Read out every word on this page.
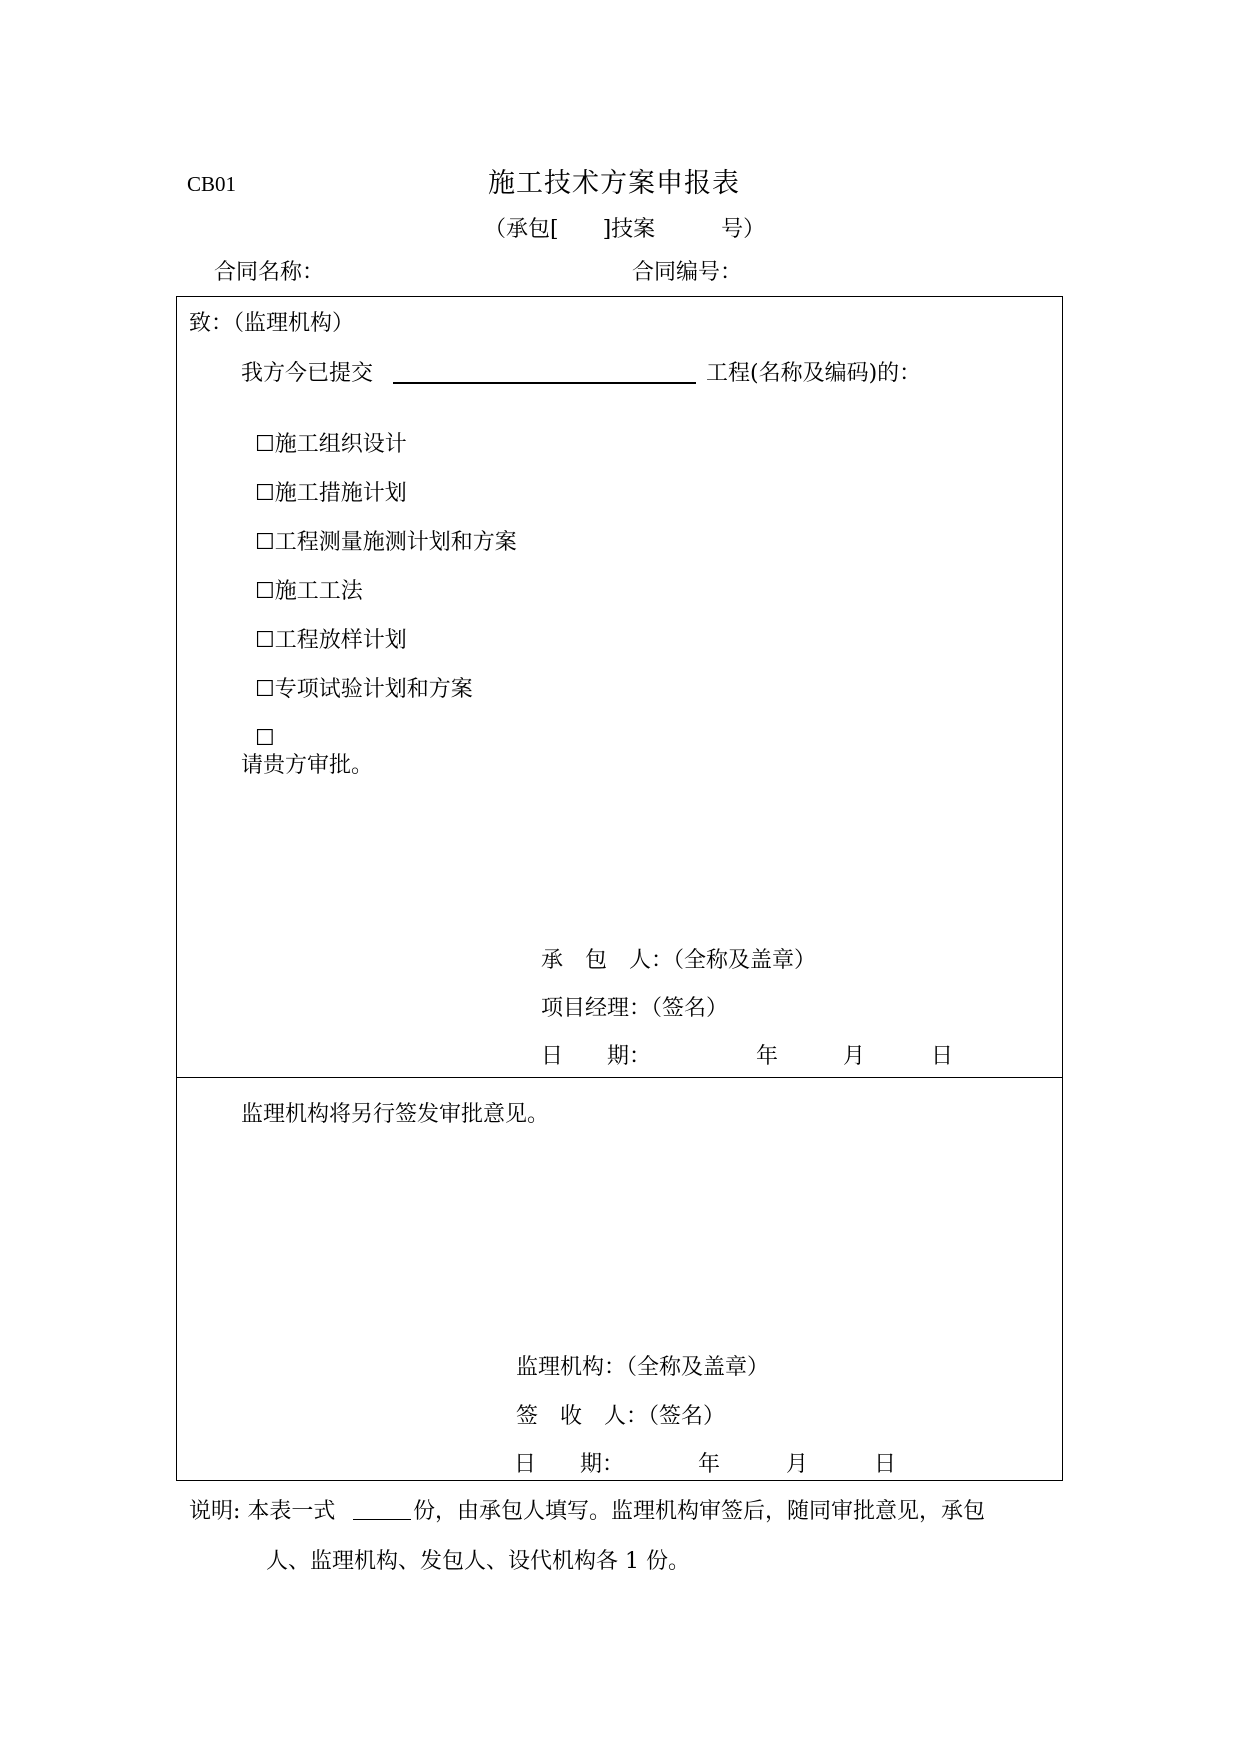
CB01	施工技术方案申报表
（承包[　　]技案　　　号）
合同名称：	合同编号：
致：（监理机构）
我方今已提交	工程(名称及编码)的：

☐施工组织设计

☐施工措施计划

☐工程测量施测计划和方案

☐施工工法

☐工程放样计划

☐专项试验计划和方案

☐

请贵方审批。
承　包　人：（全称及盖章）
项目经理：（签名）
日　　期：	年	月	日
监理机构将另行签发审批意见。
监理机构：（全称及盖章）
签　收　人：（签名）
日　　期：	年	月	日
说明: 本表一式	份，由承包人填写。监理机构审签后，随同审批意见，承包
人、监理机构、发包人、设代机构各 1 份。
